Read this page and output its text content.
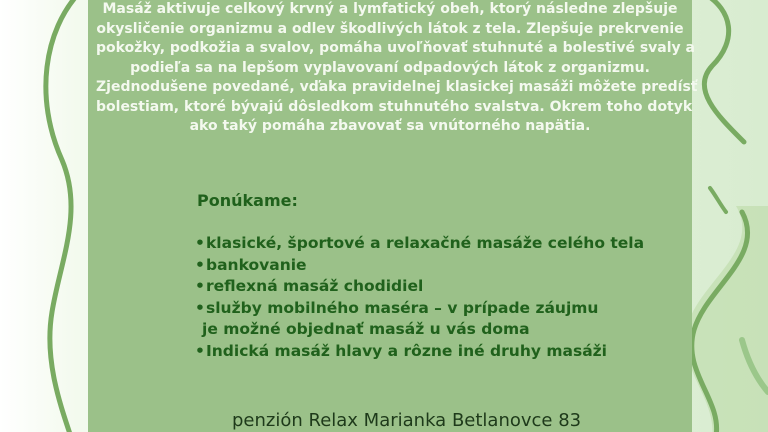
Masáž aktivuje celkový krvný a lymfatický obeh, ktorý následne zlepšuje
okysličenie organizmu a odlev škodlivých látok z tela. Zlepšuje prekrvenie
pokožky, podkožia a svalov, pomáha uvoľňovať stuhnuté a bolestivé svaly a
podieľa sa na lepšom vyplavovaní odpadových látok z organizmu.
Zjednodušene povedané, vďaka pravidelnej klasickej masáži môžete predísť
bolestiam, ktoré bývajú dôsledkom stuhnutého svalstva. Okrem toho dotyk
ako taký pomáha zbavovať sa vnútorného napätia.

Ponúkame:
• klasické, športové a relaxačné masáže celého tela
• bankovanie
• reflexná masáž chodidiel
• služby mobilného maséra – v prípade záujmu
je možné objednať masáž u vás doma
• Indická masáž hlavy a rôzne iné druhy masáži

penzión Relax Marianka Betlanovce 83
